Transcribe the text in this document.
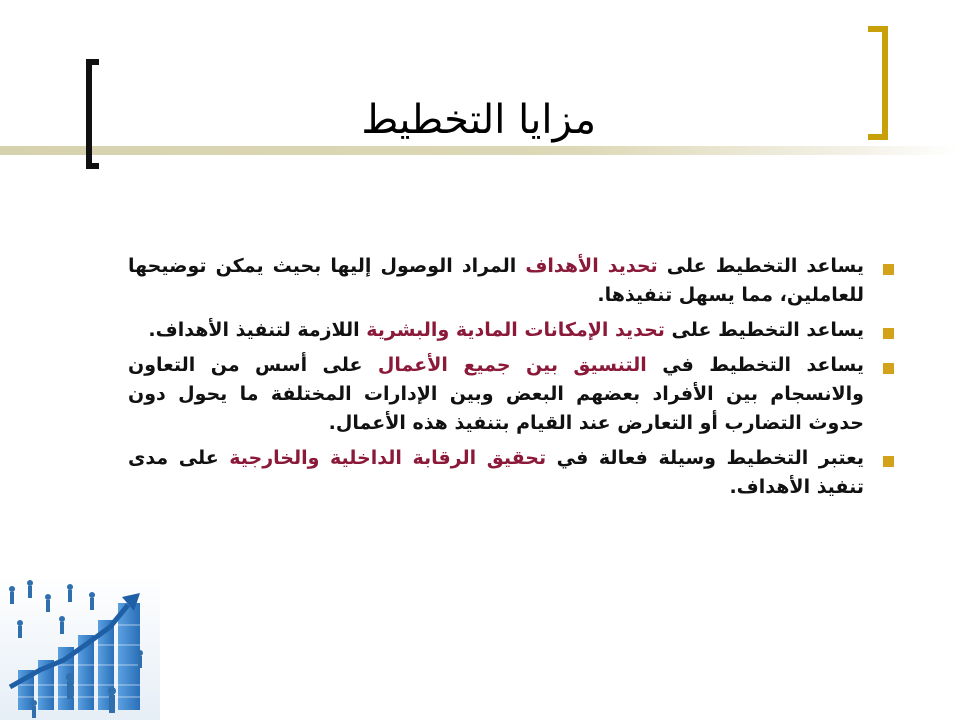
مزايا التخطيط
يساعد التخطيط على تحديد الأهداف المراد الوصول إليها بحيث يمكن توضيحها للعاملين، مما يسهل تنفيذها.
يساعد التخطيط على تحديد الإمكانات المادية والبشرية اللازمة لتنفيذ الأهداف.
يساعد التخطيط في التنسيق بين جميع الأعمال على أسس من التعاون والانسجام بين الأفراد بعضهم البعض وبين الإدارات المختلفة ما يحول دون حدوث التضارب أو التعارض عند القيام بتنفيذ هذه الأعمال.
يعتبر التخطيط وسيلة فعالة في تحقيق الرقابة الداخلية والخارجية على مدى تنفيذ الأهداف.
